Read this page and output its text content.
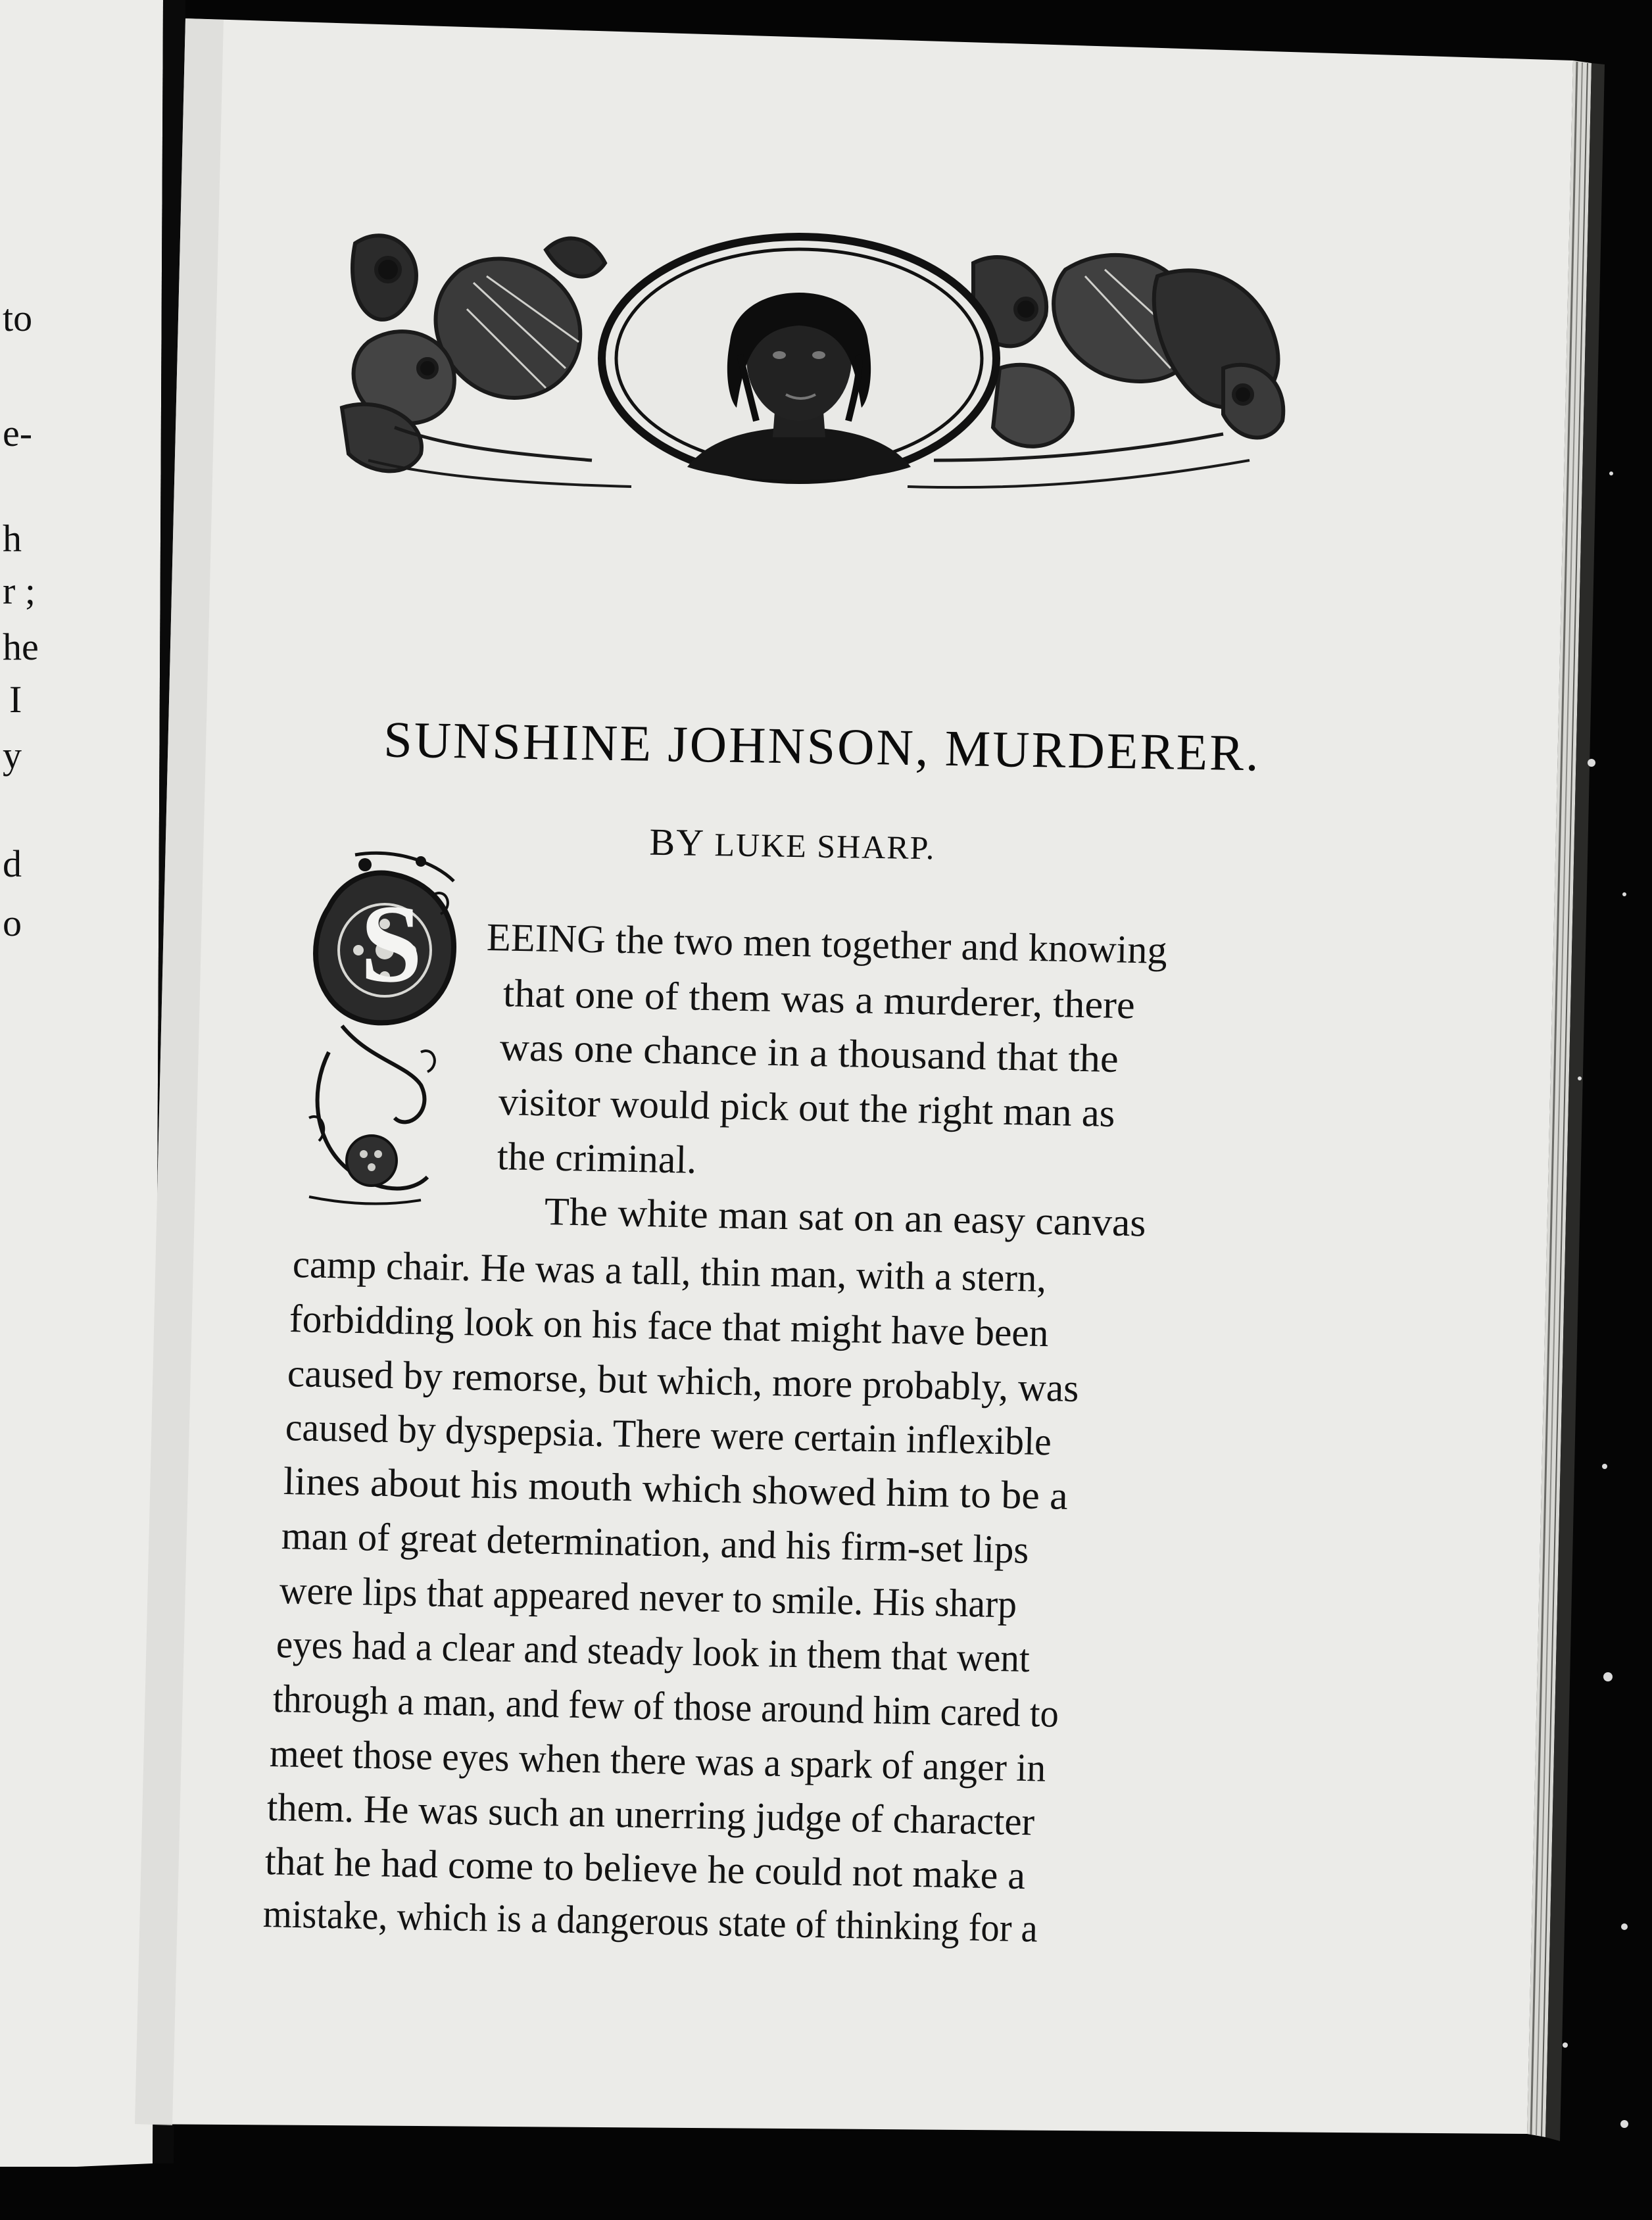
to
e-
h
r ;
he
I
y
d
o
SUNSHINE JOHNSON, MURDERER.
BY LUKE SHARP.
S	EEING the two men together and knowing
that one of them was a murderer, there
was one chance in a thousand that the
visitor would pick out the right man as
the criminal.
The white man sat on an easy canvas
camp chair. He was a tall, thin man, with a stern,
forbidding look on his face that might have been
caused by remorse, but which, more probably, was
caused by dyspepsia. There were certain inflexible
lines about his mouth which showed him to be a
man of great determination, and his firm-set lips
were lips that appeared never to smile. His sharp
eyes had a clear and steady look in them that went
through a man, and few of those around him cared to
meet those eyes when there was a spark of anger in
them. He was such an unerring judge of character
that he had come to believe he could not make a
mistake, which is a dangerous state of thinking for a
